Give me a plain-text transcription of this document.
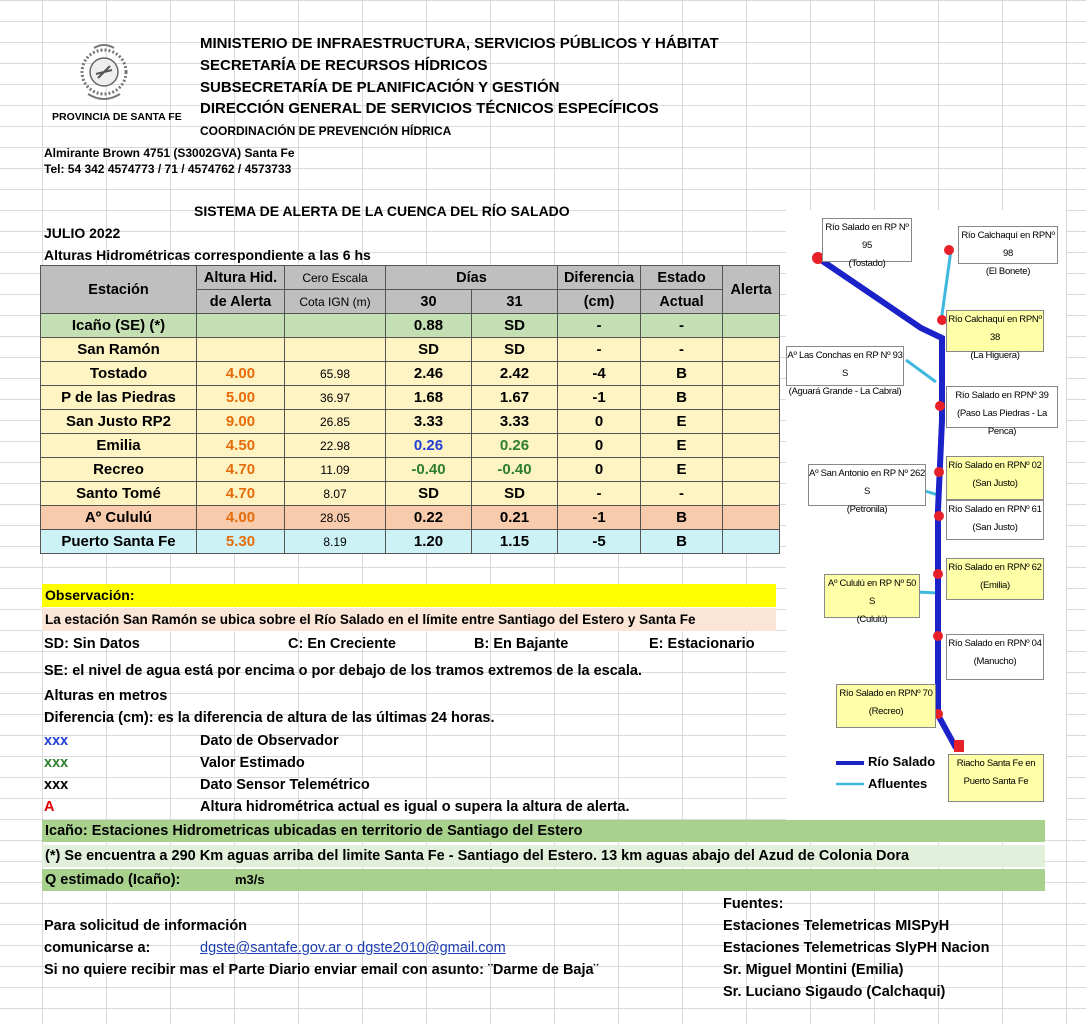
PROVINCIA DE SANTA FE
MINISTERIO DE INFRAESTRUCTURA, SERVICIOS PÚBLICOS Y HÁBITAT
SECRETARÍA DE RECURSOS HÍDRICOS
SUBSECRETARÍA DE PLANIFICACIÓN Y GESTIÓN
DIRECCIÓN GENERAL DE SERVICIOS TÉCNICOS ESPECÍFICOS
COORDINACIÓN DE PREVENCIÓN HÍDRICA
Almirante Brown 4751 (S3002GVA) Santa Fe
Tel: 54 342 4574773 / 71 / 4574762 / 4573733
SISTEMA DE ALERTA DE LA CUENCA DEL RÍO SALADO
JULIO 2022
Alturas Hidrométricas correspondiente a las 6 hs
Estación	Altura Hid.	Cero Escala	Días		Diferencia	Estado	Alerta
	de Alerta	Cota IGN (m)	30	31	(cm)	Actual	
Icaño (SE) (*)			0.88	SD	-	-	
San Ramón			SD	SD	-	-	
Tostado	4.00	65.98	2.46	2.42	-4	B	
P de las Piedras	5.00	36.97	1.68	1.67	-1	B	
San Justo RP2	9.00	26.85	3.33	3.33	0	E	
Emilia	4.50	22.98	0.26	0.26	0	E	
Recreo	4.70	11.09	-0.40	-0.40	0	E	
Santo Tomé	4.70	8.07	SD	SD	-	-	
Aº Cululú	4.00	28.05	0.22	0.21	-1	B	
Puerto Santa Fe	5.30	8.19	1.20	1.15	-5	B	
Observación:
La estación San Ramón se ubica sobre el Río Salado en el límite entre Santiago del Estero y Santa Fe
SD: Sin Datos	C: En Creciente	B: En Bajante	E: Estacionario
SE: el nivel de agua está por encima o por debajo de los tramos extremos de la escala.
Alturas en metros
Diferencia (cm): es la diferencia de altura de las últimas 24 horas.
xxx	Dato de Observador
xxx	Valor Estimado
xxx	Dato Sensor Telemétrico
A	Altura hidrométrica actual es igual o supera la altura de alerta.
Icaño: Estaciones Hidrometricas ubicadas en territorio de Santiago del Estero
(*) Se encuentra a 290 Km aguas arriba del limite Santa Fe - Santiago del Estero. 13 km aguas abajo del Azud de Colonia Dora
Q estimado (Icaño):	m3/s
Para solicitud de información
comunicarse a:	dgste@santafe.gov.ar o dgste2010@gmail.com
Si no quiere recibir mas el Parte Diario enviar email con asunto: ¨Darme de Baja¨
Fuentes:
Estaciones Telemetricas MISPyH
Estaciones Telemetricas SlyPH Nacion
Sr. Miguel Montini (Emilia)
Sr. Luciano Sigaudo (Calchaqui)
Río Salado en RP Nº 95
(Tostado)
Río Calchaquí en RPNº 98
(El Bonete)
Río Calchaquí en RPNº 38
(La Higuera)
Aº Las Conchas en RP Nº 93 S
(Aguará Grande - La Cabral)	Río Salado en RPNº 39
(Paso Las Piedras - La Penca)
Aº San Antonio en RP Nº 262 S
(Petronila)
Río Salado en RPNº 02
(San Justo)
Río Salado en RPNº 61
(San Justo)
Río Salado en RPNº 62
(Emilia)
Aº Cululú en RP Nº 50 S
(Cululú)
Río Salado en RPNº 04
(Manucho)
Río Salado en RPNº 70
(Recreo)
Riacho Santa Fe en
Puerto Santa Fe
Río Salado
Afluentes
